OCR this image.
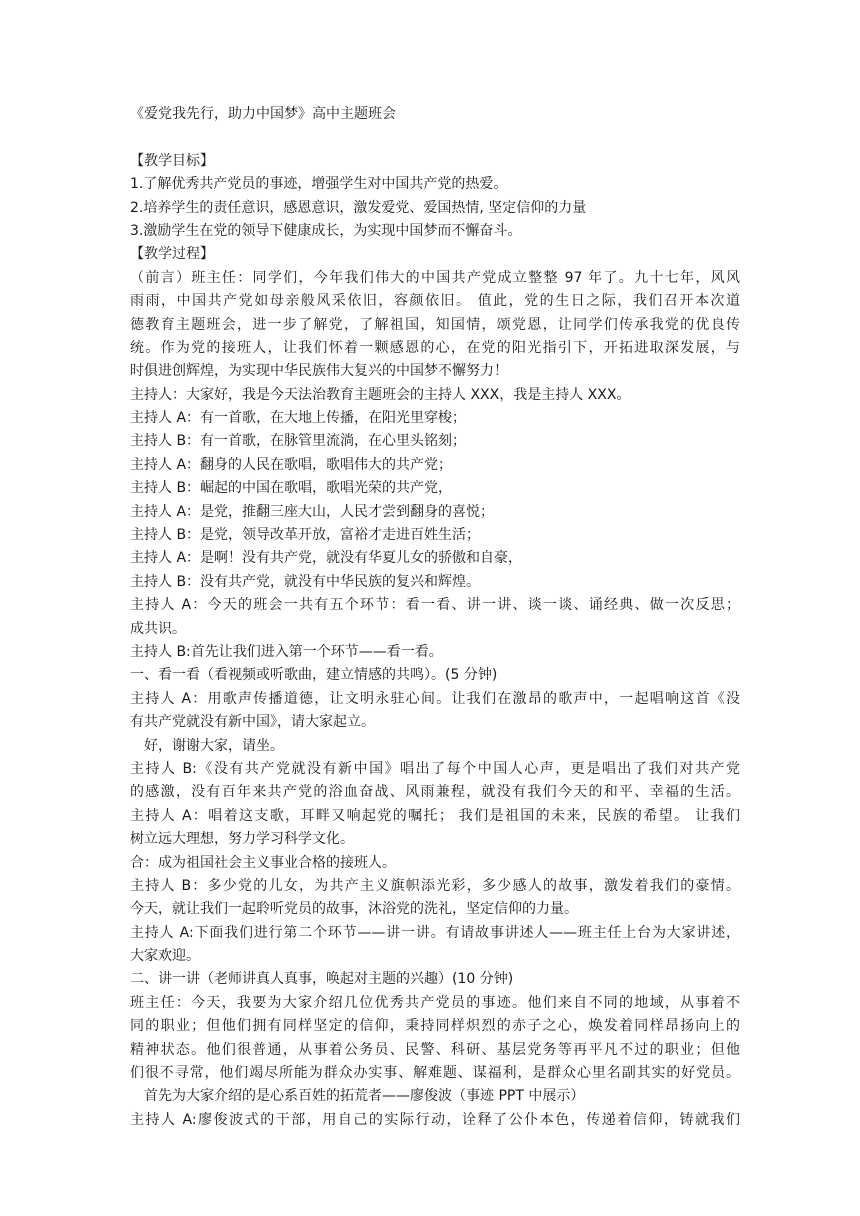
《爱党我先行，助力中国梦》高中主题班会
【教学目标】
1.了解优秀共产党员的事迹，增强学生对中国共产党的热爱。
2.培养学生的责任意识，感恩意识，激发爱党、爱国热情, 坚定信仰的力量
3.激励学生在党的领导下健康成长，为实现中国梦而不懈奋斗。
【教学过程】
（前言）班主任：同学们，今年我们伟大的中国共产党成立整整 97 年了。九十七年，风风
雨雨，中国共产党如母亲般风采依旧，容颜依旧。 值此，党的生日之际，我们召开本次道
德教育主题班会，进一步了解党，了解祖国，知国情，颂党恩，让同学们传承我党的优良传
统。作为党的接班人，让我们怀着一颗感恩的心，在党的阳光指引下，开拓进取深发展，与
时俱进创辉煌，为实现中华民族伟大复兴的中国梦不懈努力！
主持人：大家好，我是今天法治教育主题班会的主持人 XXX，我是主持人 XXX。
主持人 A：有一首歌，在大地上传播，在阳光里穿梭；
主持人 B：有一首歌，在脉管里流淌，在心里头铭刻；
主持人 A：翻身的人民在歌唱，歌唱伟大的共产党；
主持人 B：崛起的中国在歌唱，歌唱光荣的共产党，
主持人 A：是党，推翻三座大山，人民才尝到翻身的喜悦；
主持人 B：是党，领导改革开放，富裕才走进百姓生活；
主持人 A：是啊！没有共产党，就没有华夏儿女的骄傲和自豪，
主持人 B：没有共产党，就没有中华民族的复兴和辉煌。
主持人 A：今天的班会一共有五个环节：看一看、讲一讲、谈一谈、诵经典、做一次反思；
成共识。
主持人 B:首先让我们进入第一个环节——看一看。
一、看一看（看视频或听歌曲，建立情感的共鸣）。(5 分钟)
主持人 A：用歌声传播道德，让文明永驻心间。让我们在激昂的歌声中，一起唱响这首《没
有共产党就没有新中国》，请大家起立。
好，谢谢大家，请坐。
主持人 B:《没有共产党就没有新中国》唱出了每个中国人心声，更是唱出了我们对共产党
的感激，没有百年来共产党的浴血奋战、风雨兼程，就没有我们今天的和平、幸福的生活。
主持人 A：唱着这支歌，耳畔又响起党的嘱托； 我们是祖国的未来，民族的希望。 让我们
树立远大理想，努力学习科学文化。
合：成为祖国社会主义事业合格的接班人。
主持人 B：多少党的儿女，为共产主义旗帜添光彩，多少感人的故事，激发着我们的豪情。
今天，就让我们一起聆听党员的故事，沐浴党的洗礼，坚定信仰的力量。
主持人 A:下面我们进行第二个环节——讲一讲。有请故事讲述人——班主任上台为大家讲述，
大家欢迎。
二、讲一讲（老师讲真人真事，唤起对主题的兴趣）(10 分钟)
班主任：今天，我要为大家介绍几位优秀共产党员的事迹。他们来自不同的地域，从事着不
同的职业；但他们拥有同样坚定的信仰，秉持同样炽烈的赤子之心，焕发着同样昂扬向上的
精神状态。他们很普通，从事着公务员、民警、科研、基层党务等再平凡不过的职业；但他
们很不寻常，他们竭尽所能为群众办实事、解难题、谋福利，是群众心里名副其实的好党员。
首先为大家介绍的是心系百姓的拓荒者——廖俊波（事迹 PPT 中展示）
主持人 A:廖俊波式的干部，用自己的实际行动，诠释了公仆本色，传递着信仰，铸就我们
